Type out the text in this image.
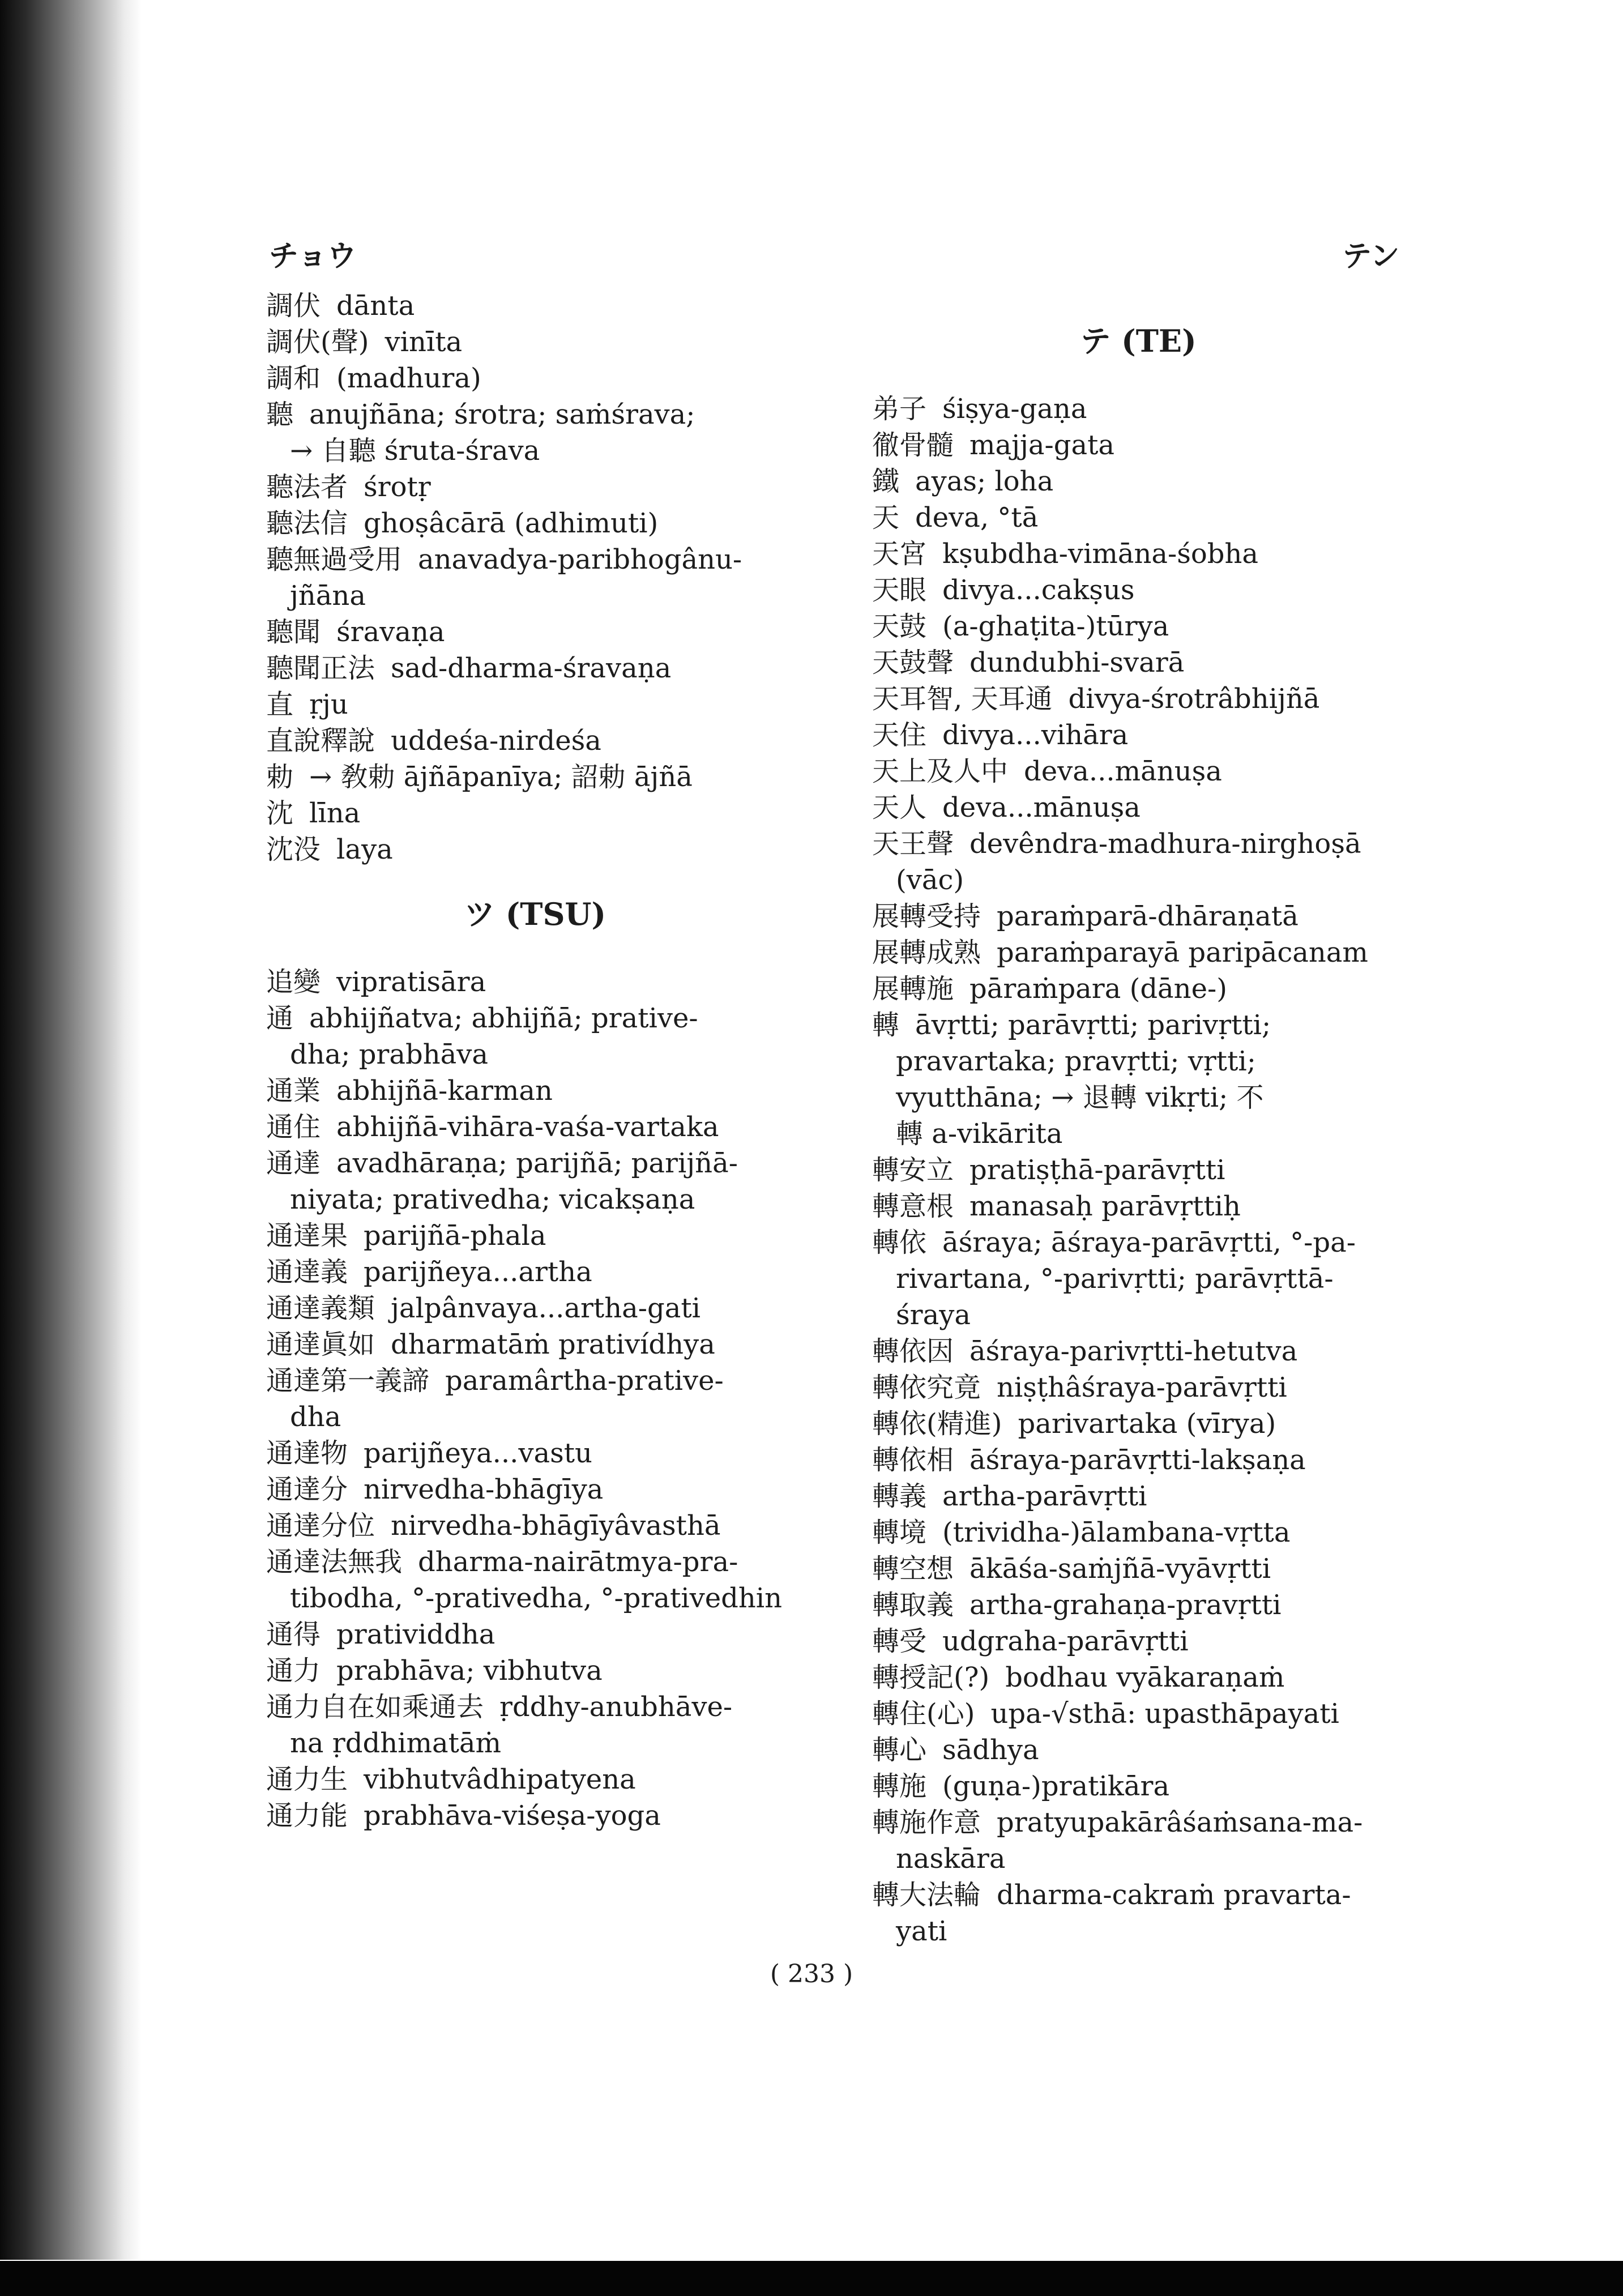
チョウ	テン
調伏 dānta
調伏(聲) vinīta
調和 (madhura)
聽 anujñāna; śrotra; saṁśrava;
→ 自聽 śruta-śrava
聽法者 śrotṛ
聽法信 ghoṣâcārā (adhimuti)
聽無過受用 anavadya-paribhogânu-
jñāna
聽聞 śravaṇa
聽聞正法 sad-dharma-śravaṇa
直 ṛju
直說釋說 uddeśa-nirdeśa
勅 → 敎勅 ājñāpanīya; 詔勅 ājñā
沈 līna
沈没 laya
ツ (TSU)
追變 vipratisāra
通 abhijñatva; abhijñā; prative-
dha; prabhāva
通業 abhijñā-karman
通住 abhijñā-vihāra-vaśa-vartaka
通達 avadhāraṇa; parijñā; parijñā-
niyata; prativedha; vicakṣaṇa
通達果 parijñā-phala
通達義 parijñeya...artha
通達義類 jalpânvaya...artha-gati
通達眞如 dharmatāṁ prativídhya
通達第一義諦 paramârtha-prative-
dha
通達物 parijñeya...vastu
通達分 nirvedha-bhāgīya
通達分位 nirvedha-bhāgīyâvasthā
通達法無我 dharma-nairātmya-pra-
tibodha, °-prativedha, °-prativedhin
通得 pratividdha
通力 prabhāva; vibhutva
通力自在如乘通去 ṛddhy-anubhāve-
na ṛddhimatāṁ
通力生 vibhutvâdhipatyena
通力能 prabhāva-viśeṣa-yoga
テ (TE)
弟子 śiṣya-gaṇa
徹骨髓 majja-gata
鐵 ayas; loha
天 deva, °tā
天宮 kṣubdha-vimāna-śobha
天眼 divya...cakṣus
天鼓 (a-ghaṭita-)tūrya
天鼓聲 dundubhi-svarā
天耳智, 天耳通 divya-śrotrâbhijñā
天住 divya...vihāra
天上及人中 deva...mānuṣa
天人 deva...mānuṣa
天王聲 devêndra-madhura-nirghoṣā
(vāc)
展轉受持 paraṁparā-dhāraṇatā
展轉成熟 paraṁparayā paripācanam
展轉施 pāraṁpara (dāne-)
轉 āvṛtti; parāvṛtti; parivṛtti;
pravartaka; pravṛtti; vṛtti;
vyutthāna; → 退轉 vikṛti; 不
轉 a-vikārita
轉安立 pratiṣṭhā-parāvṛtti
轉意根 manasaḥ parāvṛttiḥ
轉依 āśraya; āśraya-parāvṛtti, °-pa-
rivartana, °-parivṛtti; parāvṛttā-
śraya
轉依因 āśraya-parivṛtti-hetutva
轉依究竟 niṣṭhâśraya-parāvṛtti
轉依(精進) parivartaka (vīrya)
轉依相 āśraya-parāvṛtti-lakṣaṇa
轉義 artha-parāvṛtti
轉境 (trividha-)ālambana-vṛtta
轉空想 ākāśa-saṁjñā-vyāvṛtti
轉取義 artha-grahaṇa-pravṛtti
轉受 udgraha-parāvṛtti
轉授記(?) bodhau vyākaraṇaṁ
轉住(心) upa-√sthā: upasthāpayati
轉心 sādhya
轉施 (guṇa-)pratikāra
轉施作意 pratyupakārâśaṁsana-ma-
naskāra
轉大法輪 dharma-cakraṁ pravarta-
yati
( 233 )
